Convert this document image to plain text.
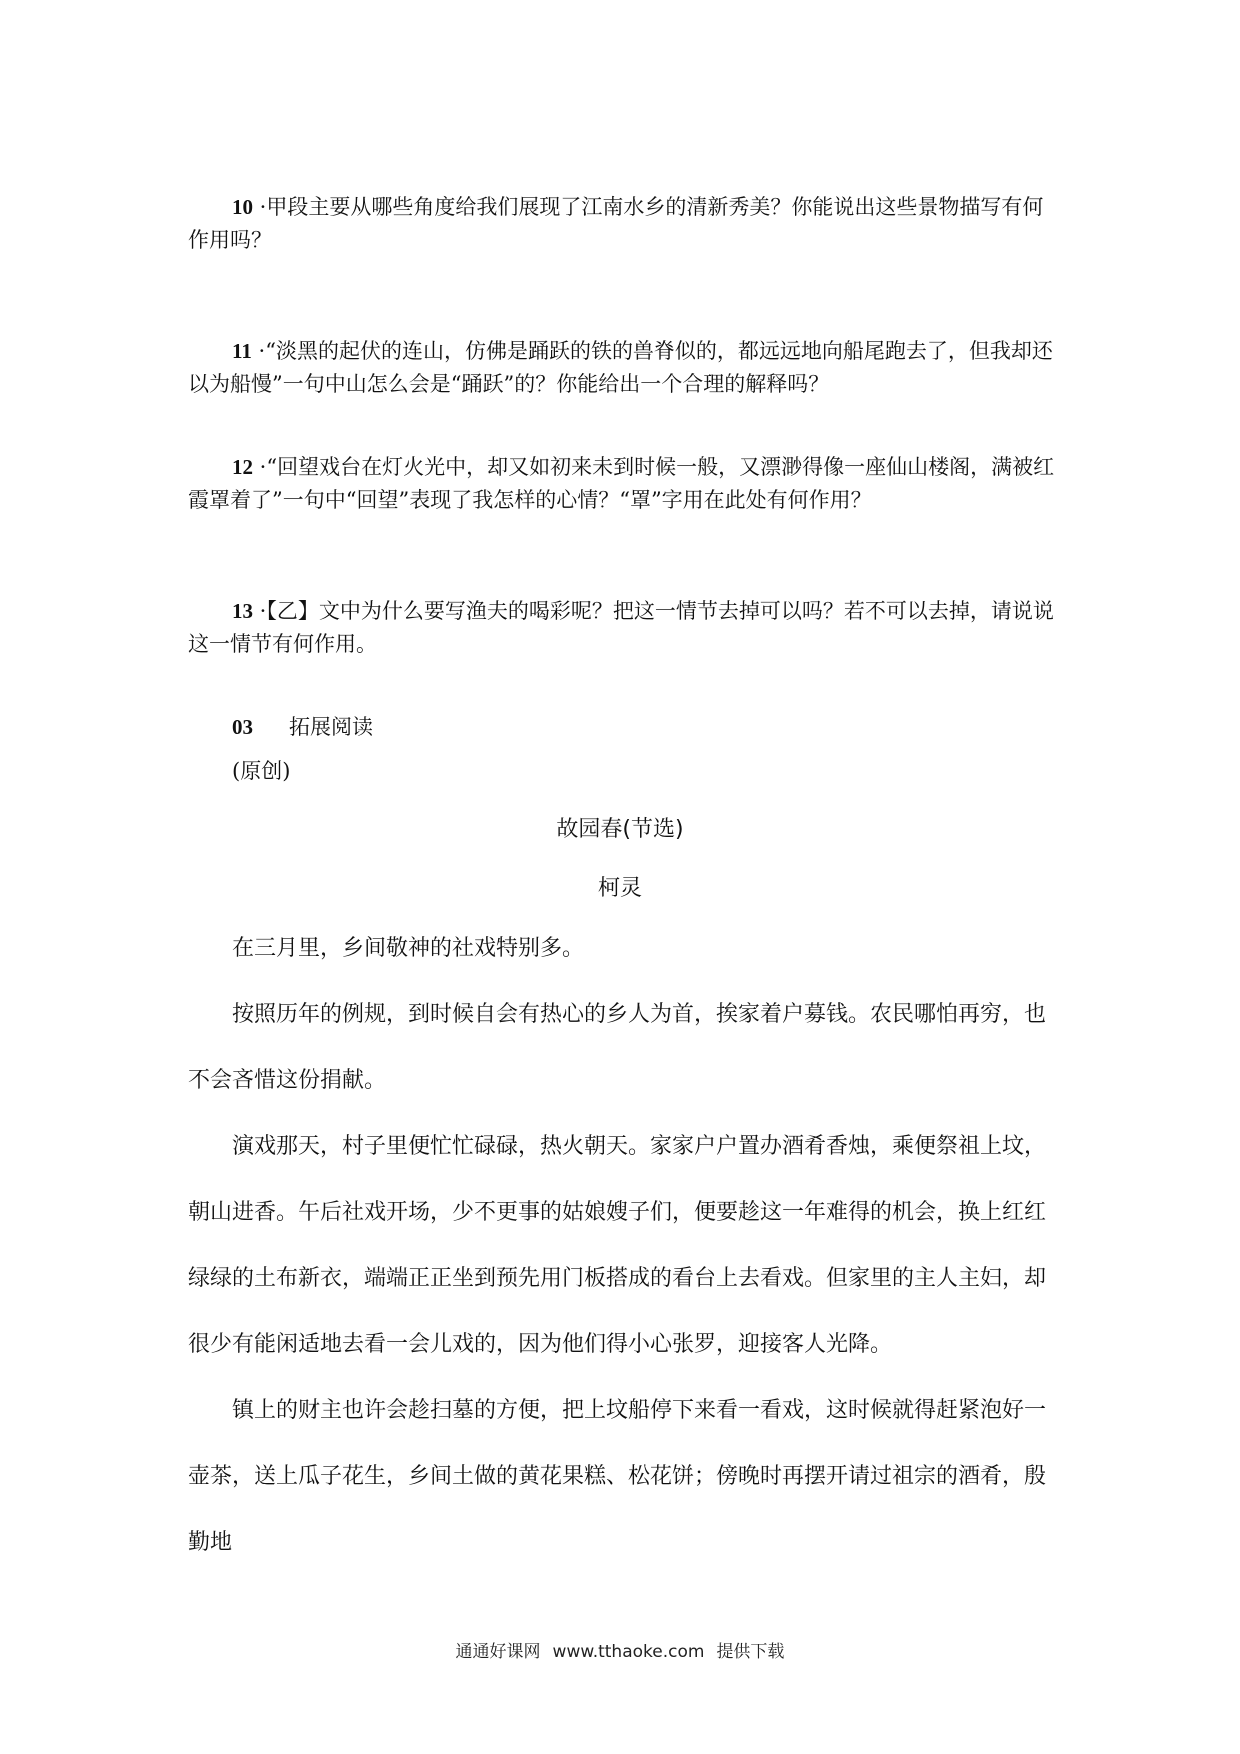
10 ·甲段主要从哪些角度给我们展现了江南水乡的清新秀美？你能说出这些景物描写有何作用吗？

11 ·“淡黑的起伏的连山，仿佛是踊跃的铁的兽脊似的，都远远地向船尾跑去了，但我却还以为船慢”一句中山怎么会是“踊跃”的？你能给出一个合理的解释吗？

12 ·“回望戏台在灯火光中，却又如初来未到时候一般，又漂渺得像一座仙山楼阁，满被红霞罩着了”一句中“回望”表现了我怎样的心情？“罩”字用在此处有何作用？

13 ·【乙】文中为什么要写渔夫的喝彩呢？把这一情节去掉可以吗？若不可以去掉，请说说这一情节有何作用。

03 拓展阅读
(原创)
故园春(节选)
柯灵

在三月里，乡间敬神的社戏特别多。

按照历年的例规，到时候自会有热心的乡人为首，挨家着户募钱。农民哪怕再穷，也不会吝惜这份捐献。

演戏那天，村子里便忙忙碌碌，热火朝天。家家户户置办酒肴香烛，乘便祭祖上坟，朝山进香。午后社戏开场，少不更事的姑娘嫂子们，便要趁这一年难得的机会，换上红红绿绿的土布新衣，端端正正坐到预先用门板搭成的看台上去看戏。但家里的主人主妇，却很少有能闲适地去看一会儿戏的，因为他们得小心张罗，迎接客人光降。

镇上的财主也许会趁扫墓的方便，把上坟船停下来看一看戏，这时候就得赶紧泡好一壶茶，送上瓜子花生，乡间土做的黄花果糕、松花饼；傍晚时再摆开请过祖宗的酒肴，殷勤地

通通好课网 www.tthaoke.com 提供下载
